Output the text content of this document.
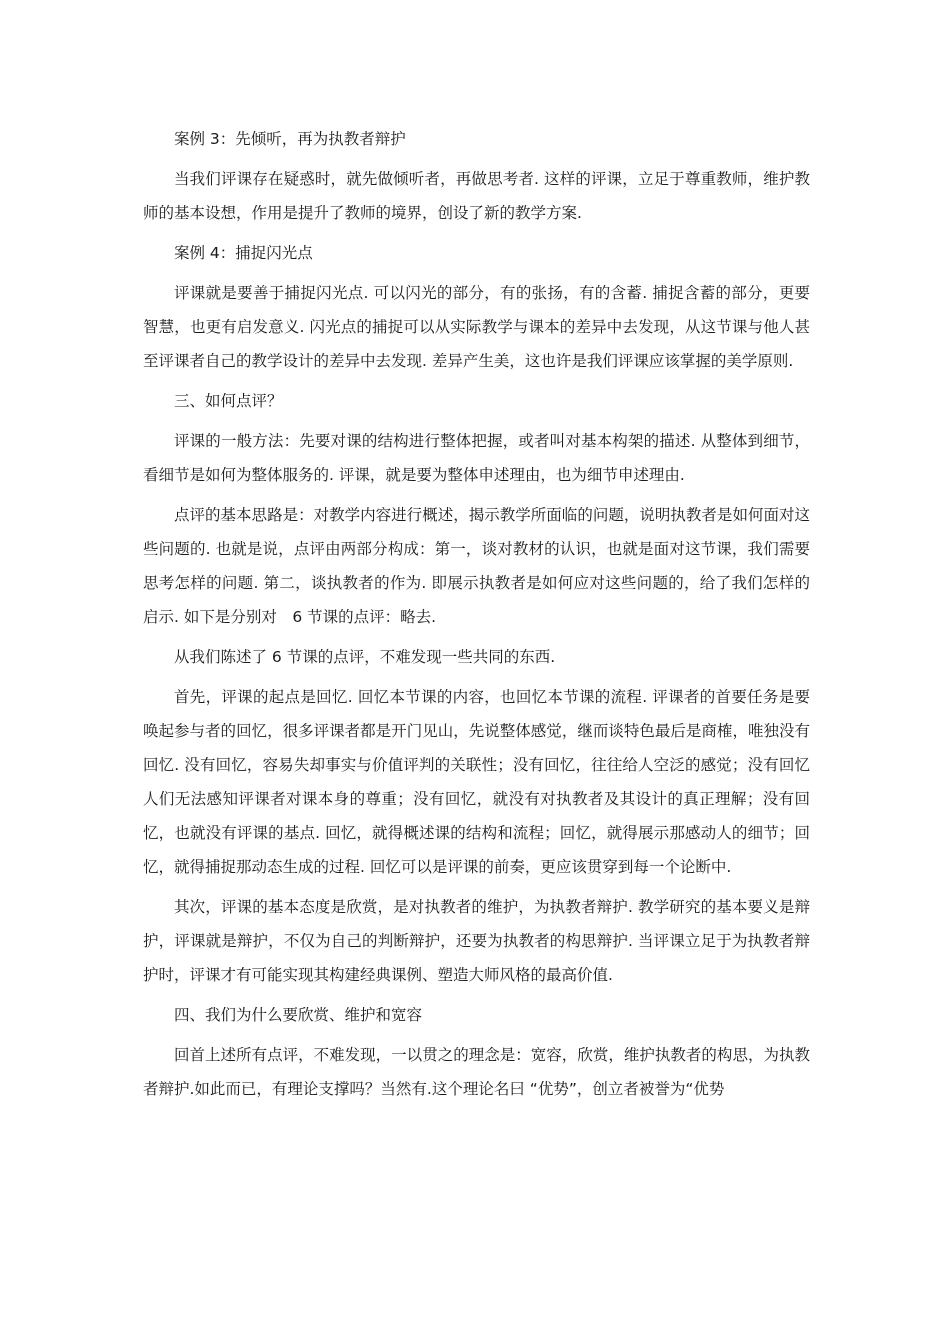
案例 3：先倾听，再为执教者辩护

当我们评课存在疑惑时，就先做倾听者，再做思考者. 这样的评课，立足于尊重教师，维护教师的基本设想，作用是提升了教师的境界，创设了新的教学方案.

案例 4：捕捉闪光点

评课就是要善于捕捉闪光点. 可以闪光的部分，有的张扬，有的含蓄. 捕捉含蓄的部分，更要智慧，也更有启发意义. 闪光点的捕捉可以从实际教学与课本的差异中去发现，从这节课与他人甚至评课者自己的教学设计的差异中去发现. 差异产生美，这也许是我们评课应该掌握的美学原则.

三、如何点评？

评课的一般方法：先要对课的结构进行整体把握，或者叫对基本构架的描述. 从整体到细节，看细节是如何为整体服务的. 评课，就是要为整体申述理由，也为细节申述理由.

点评的基本思路是：对教学内容进行概述，揭示教学所面临的问题，说明执教者是如何面对这些问题的. 也就是说，点评由两部分构成：第一，谈对教材的认识，也就是面对这节课，我们需要思考怎样的问题. 第二，谈执教者的作为. 即展示执教者是如何应对这些问题的，给了我们怎样的启示. 如下是分别对　6 节课的点评：略去.

从我们陈述了 6 节课的点评，不难发现一些共同的东西.

首先，评课的起点是回忆. 回忆本节课的内容，也回忆本节课的流程. 评课者的首要任务是要唤起参与者的回忆，很多评课者都是开门见山，先说整体感觉，继而谈特色最后是商榷，唯独没有回忆. 没有回忆，容易失却事实与价值评判的关联性；没有回忆，往往给人空泛的感觉；没有回忆人们无法感知评课者对课本身的尊重；没有回忆，就没有对执教者及其设计的真正理解；没有回忆，也就没有评课的基点. 回忆，就得概述课的结构和流程；回忆，就得展示那感动人的细节；回忆，就得捕捉那动态生成的过程. 回忆可以是评课的前奏，更应该贯穿到每一个论断中.

其次，评课的基本态度是欣赏，是对执教者的维护，为执教者辩护. 教学研究的基本要义是辩护，评课就是辩护，不仅为自己的判断辩护，还要为执教者的构思辩护. 当评课立足于为执教者辩护时，评课才有可能实现其构建经典课例、塑造大师风格的最高价值.

四、我们为什么要欣赏、维护和宽容

回首上述所有点评，不难发现，一以贯之的理念是：宽容，欣赏，维护执教者的构思，为执教者辩护.如此而已，有理论支撑吗？当然有.这个理论名曰 “优势”，创立者被誉为“优势
